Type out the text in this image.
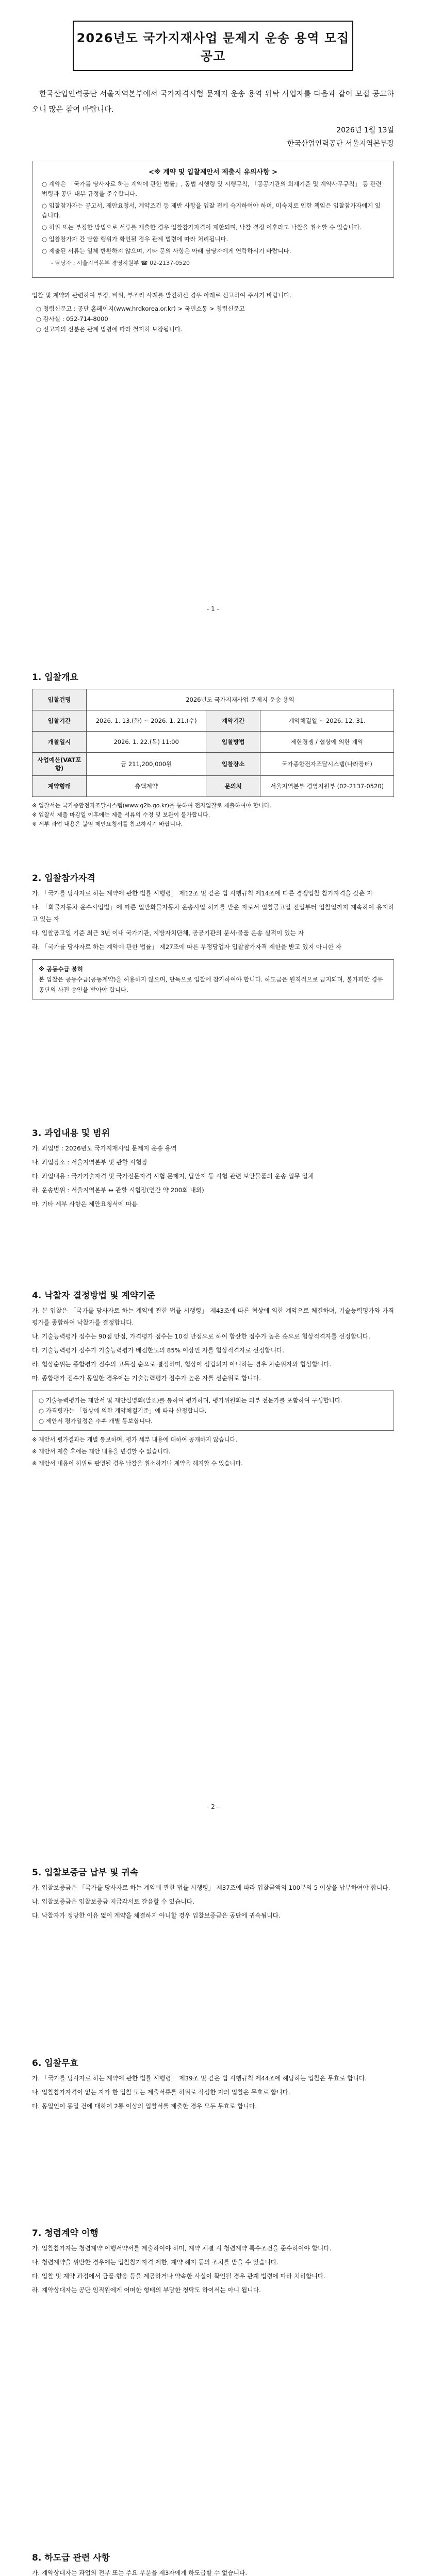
2026년도 국가지재사업 문제지 운송 용역 모집 공고
한국산업인력공단 서울지역본부에서 국가자격시험 문제지 운송 용역 위탁 사업자를 다음과 같이 모집 공고하오니 많은 참여 바랍니다.
2026년 1월 13일
한국산업인력공단 서울지역본부장
<※ 계약 및 입찰제안서 제출시 유의사항 >
○ 계약은 「국가를 당사자로 하는 계약에 관한 법률」, 동법 시행령 및 시행규칙, 「공공기관의 회계기준 및 계약사무규칙」 등 관련 법령과 공단 내부 규정을 준수합니다.
○ 입찰참가자는 공고서, 제안요청서, 계약조건 등 제반 사항을 입찰 전에 숙지하여야 하며, 미숙지로 인한 책임은 입찰참가자에게 있습니다.
○ 허위 또는 부정한 방법으로 서류를 제출한 경우 입찰참가자격이 제한되며, 낙찰 결정 이후라도 낙찰을 취소할 수 있습니다.
○ 입찰참가자 간 담합 행위가 확인될 경우 관계 법령에 따라 처리됩니다.
○ 제출된 서류는 일체 반환하지 않으며, 기타 문의 사항은 아래 담당자에게 연락하시기 바랍니다.
- 담당자 : 서울지역본부 경영지원부 ☎ 02-2137-0520
입찰 및 계약과 관련하여 부정, 비위, 부조리 사례를 발견하신 경우 아래로 신고하여 주시기 바랍니다.
○ 청렴신문고 : 공단 홈페이지(www.hrdkorea.or.kr) > 국민소통 > 청렴신문고
○ 감사실 : 052-714-8000
○ 신고자의 신분은 관계 법령에 따라 철저히 보장됩니다.
- 1 -
1. 입찰개요
입찰건명	2026년도 국가지재사업 문제지 운송 용역		
입찰기간	2026. 1. 13.(화) ~ 2026. 1. 21.(수)	계약기간	계약체결일 ~ 2026. 12. 31.
개찰일시	2026. 1. 22.(목) 11:00	입찰방법	제한경쟁 / 협상에 의한 계약
사업예산(VAT포함)	금 211,200,000원	입찰장소	국가종합전자조달시스템(나라장터)
계약형태	총액계약	문의처	서울지역본부 경영지원부 (02-2137-0520)
※ 입찰서는 국가종합전자조달시스템(www.g2b.go.kr)을 통하여 전자입찰로 제출하여야 합니다.
※ 입찰서 제출 마감일 이후에는 제출 서류의 수정 및 보완이 불가합니다.
※ 세부 과업 내용은 붙임 제안요청서를 참고하시기 바랍니다.
2. 입찰참가자격
가. 「국가를 당사자로 하는 계약에 관한 법률 시행령」 제12조 및 같은 법 시행규칙 제14조에 따른 경쟁입찰 참가자격을 갖춘 자
나. 「화물자동차 운수사업법」에 따른 일반화물자동차 운송사업 허가를 받은 자로서 입찰공고일 전일부터 입찰일까지 계속하여 유지하고 있는 자
다. 입찰공고일 기준 최근 3년 이내 국가기관, 지방자치단체, 공공기관의 문서·물품 운송 실적이 있는 자
라. 「국가를 당사자로 하는 계약에 관한 법률」 제27조에 따른 부정당업자 입찰참가자격 제한을 받고 있지 아니한 자
※ 공동수급 불허
본 입찰은 공동수급(공동계약)을 허용하지 않으며, 단독으로 입찰에 참가하여야 합니다. 하도급은 원칙적으로 금지되며, 불가피한 경우 공단의 사전 승인을 받아야 합니다.
3. 과업내용 및 범위
가. 과업명 : 2026년도 국가지재사업 문제지 운송 용역
나. 과업장소 : 서울지역본부 및 관할 시험장
다. 과업내용 : 국가기술자격 및 국가전문자격 시험 문제지, 답안지 등 시험 관련 보안물품의 운송 업무 일체
라. 운송범위 : 서울지역본부 ↔ 관할 시험장(연간 약 200회 내외)
마. 기타 세부 사항은 제안요청서에 따름
4. 낙찰자 결정방법 및 계약기준
가. 본 입찰은 「국가를 당사자로 하는 계약에 관한 법률 시행령」 제43조에 따른 협상에 의한 계약으로 체결하며, 기술능력평가와 가격평가를 종합하여 낙찰자를 결정합니다.
나. 기술능력평가 점수는 90점 만점, 가격평가 점수는 10점 만점으로 하여 합산한 점수가 높은 순으로 협상적격자를 선정합니다.
다. 기술능력평가 점수가 기술능력평가 배점한도의 85% 이상인 자를 협상적격자로 선정합니다.
라. 협상순위는 종합평가 점수의 고득점 순으로 결정하며, 협상이 성립되지 아니하는 경우 차순위자와 협상합니다.
마. 종합평가 점수가 동일한 경우에는 기술능력평가 점수가 높은 자를 선순위로 합니다.
○ 기술능력평가는 제안서 및 제안설명회(발표)를 통하여 평가하며, 평가위원회는 외부 전문가를 포함하여 구성합니다.
○ 가격평가는 「협상에 의한 계약체결기준」에 따라 산정합니다.
○ 제안서 평가일정은 추후 개별 통보합니다.
※ 제안서 평가결과는 개별 통보하며, 평가 세부 내용에 대하여 공개하지 않습니다.
※ 제안서 제출 후에는 제안 내용을 변경할 수 없습니다.
※ 제안서 내용이 허위로 판명될 경우 낙찰을 취소하거나 계약을 해지할 수 있습니다.
- 2 -
5. 입찰보증금 납부 및 귀속
가. 입찰보증금은 「국가를 당사자로 하는 계약에 관한 법률 시행령」 제37조에 따라 입찰금액의 100분의 5 이상을 납부하여야 합니다.
나. 입찰보증금은 입찰보증금 지급각서로 갈음할 수 있습니다.
다. 낙찰자가 정당한 이유 없이 계약을 체결하지 아니할 경우 입찰보증금은 공단에 귀속됩니다.
6. 입찰무효
가. 「국가를 당사자로 하는 계약에 관한 법률 시행령」 제39조 및 같은 법 시행규칙 제44조에 해당하는 입찰은 무효로 합니다.
나. 입찰참가자격이 없는 자가 한 입찰 또는 제출서류를 허위로 작성한 자의 입찰은 무효로 합니다.
다. 동일인이 동일 건에 대하여 2통 이상의 입찰서를 제출한 경우 모두 무효로 합니다.
7. 청렴계약 이행
가. 입찰참가자는 청렴계약 이행서약서를 제출하여야 하며, 계약 체결 시 청렴계약 특수조건을 준수하여야 합니다.
나. 청렴계약을 위반한 경우에는 입찰참가자격 제한, 계약 해지 등의 조치를 받을 수 있습니다.
다. 입찰 및 계약 과정에서 금품·향응 등을 제공하거나 약속한 사실이 확인될 경우 관계 법령에 따라 처리합니다.
라. 계약상대자는 공단 임직원에게 어떠한 형태의 부당한 청탁도 하여서는 아니 됩니다.
8. 하도급 관련 사항
가. 계약상대자는 과업의 전부 또는 주요 부분을 제3자에게 하도급할 수 없습니다.
